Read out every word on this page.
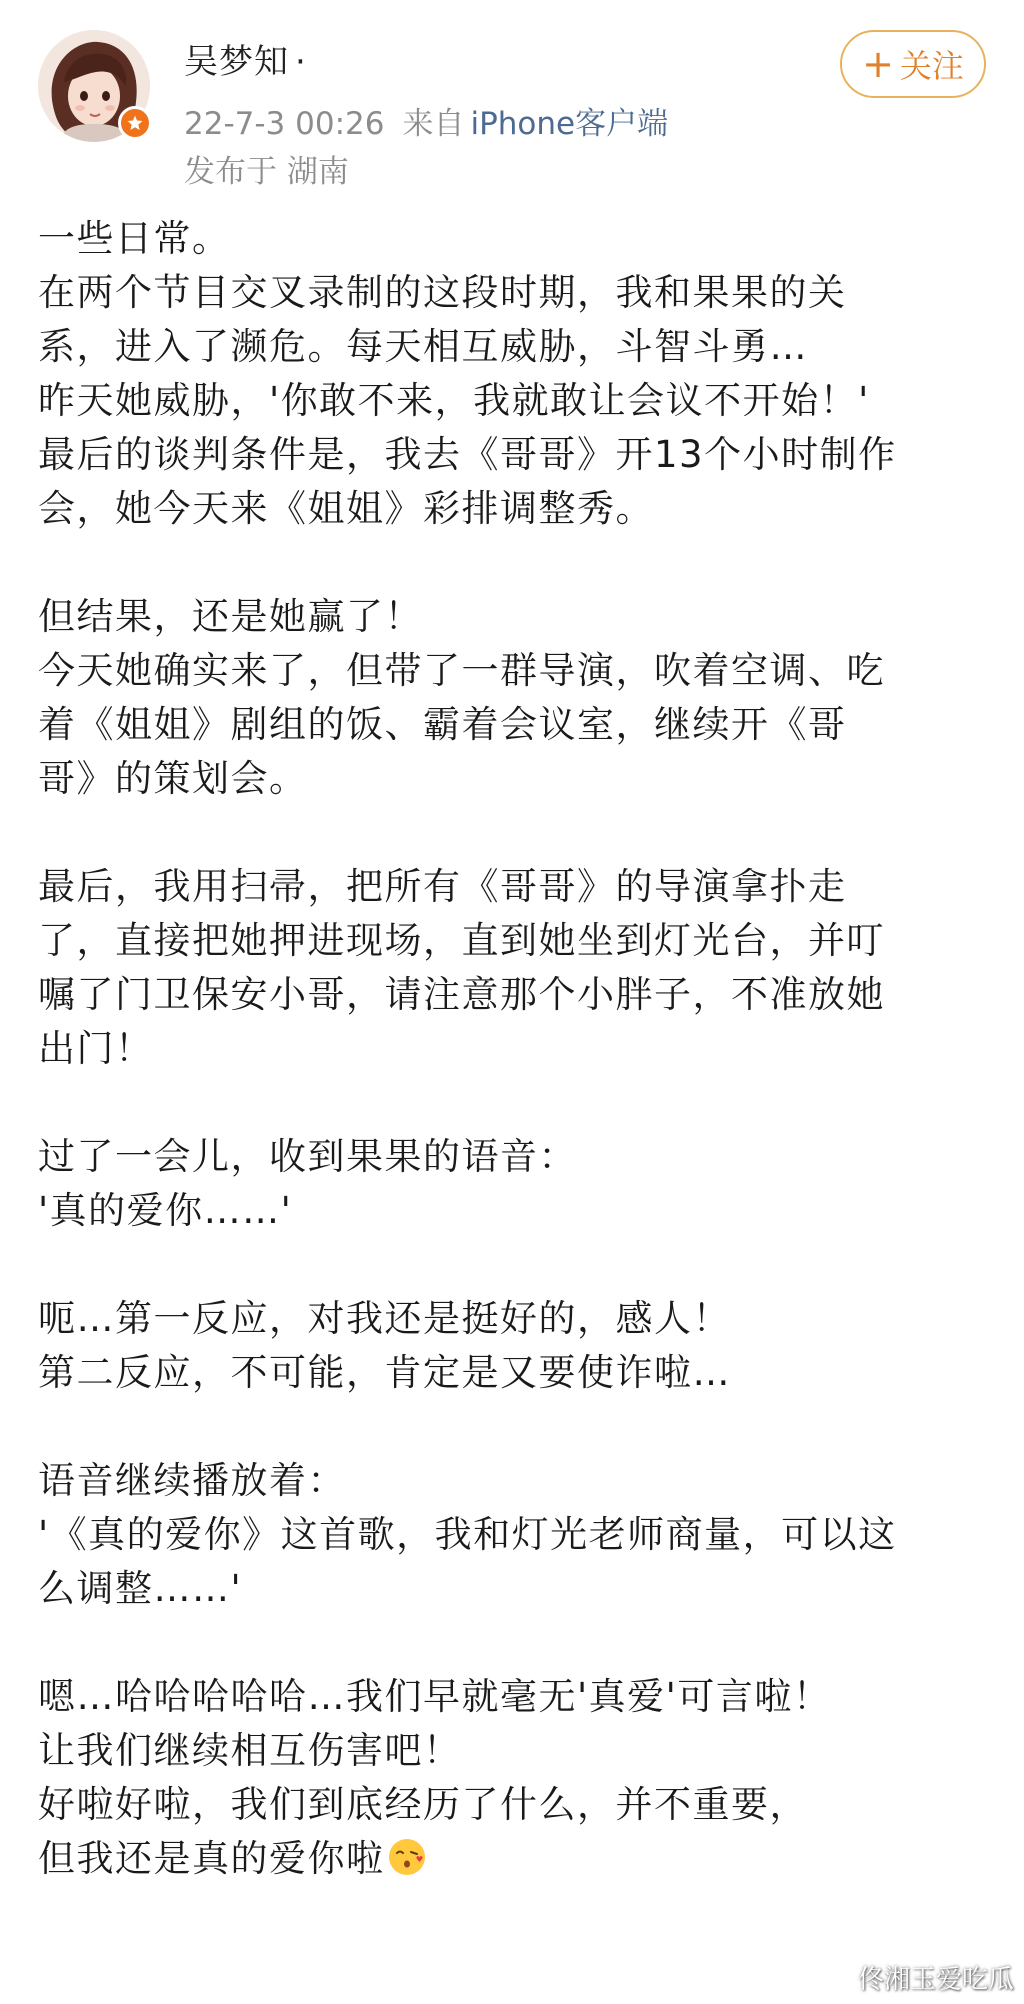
吴梦知 ·
22-7-3 00:26 来自 iPhone客户端
发布于 湖南
+ 关注
一些日常。
在两个节目交叉录制的这段时期，我和果果的关
系，进入了濒危。每天相互威胁，斗智斗勇…
昨天她威胁，'你敢不来，我就敢让会议不开始！'
最后的谈判条件是，我去《哥哥》开13个小时制作
会，她今天来《姐姐》彩排调整秀。
但结果，还是她赢了！
今天她确实来了，但带了一群导演，吹着空调、吃
着《姐姐》剧组的饭、霸着会议室，继续开《哥
哥》的策划会。
最后，我用扫帚，把所有《哥哥》的导演拿扑走
了，直接把她押进现场，直到她坐到灯光台，并叮
嘱了门卫保安小哥，请注意那个小胖子，不准放她
出门！
过了一会儿，收到果果的语音：
'真的爱你……'
呃…第一反应，对我还是挺好的，感人！
第二反应，不可能，肯定是又要使诈啦…
语音继续播放着：
'《真的爱你》这首歌，我和灯光老师商量，可以这
么调整……'
嗯…哈哈哈哈哈…我们早就毫无'真爱'可言啦！
让我们继续相互伤害吧！
好啦好啦，我们到底经历了什么，并不重要，
但我还是真的爱你啦
佟湘玉爱吃瓜
